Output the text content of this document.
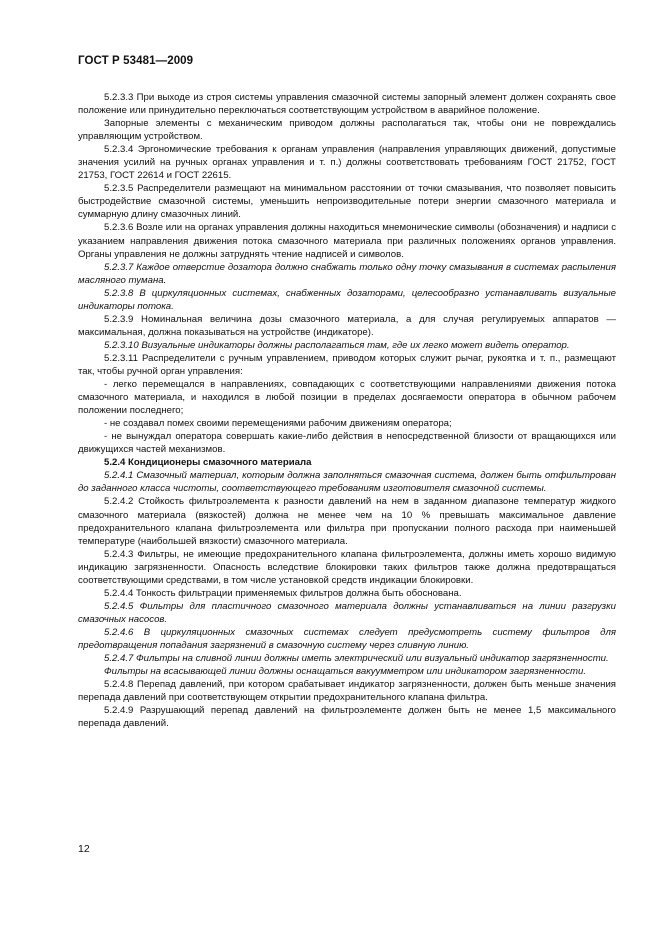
ГОСТ Р 53481—2009

5.2.3.3 При выходе из строя системы управления смазочной системы запорный элемент должен сохранять свое положение или принудительно переключаться соответствующим устройством в аварийное положение.

Запорные элементы с механическим приводом должны располагаться так, чтобы они не повреждались управляющим устройством.

5.2.3.4 Эргономические требования к органам управления (направления управляющих движений, допустимые значения усилий на ручных органах управления и т. п.) должны соответствовать требованиям ГОСТ 21752, ГОСТ 21753, ГОСТ 22614 и ГОСТ 22615.

5.2.3.5 Распределители размещают на минимальном расстоянии от точки смазывания, что позволяет повысить быстродействие смазочной системы, уменьшить непроизводительные потери энергии смазочного материала и суммарную длину смазочных линий.

5.2.3.6 Возле или на органах управления должны находиться мнемонические символы (обозначения) и надписи с указанием направления движения потока смазочного материала при различных положениях органов управления. Органы управления не должны затруднять чтение надписей и символов.

5.2.3.7 Каждое отверстие дозатора должно снабжать только одну точку смазывания в системах распыления масляного тумана.

5.2.3.8 В циркуляционных системах, снабженных дозаторами, целесообразно устанавливать визуальные индикаторы потока.

5.2.3.9 Номинальная величина дозы смазочного материала, а для случая регулируемых аппаратов — максимальная, должна показываться на устройстве (индикаторе).

5.2.3.10 Визуальные индикаторы должны располагаться там, где их легко может видеть оператор.

5.2.3.11 Распределители с ручным управлением, приводом которых служит рычаг, рукоятка и т. п., размещают так, чтобы ручной орган управления:

- легко перемещался в направлениях, совпадающих с соответствующими направлениями движения потока смазочного материала, и находился в любой позиции в пределах досягаемости оператора в обычном рабочем положении последнего;

- не создавал помех своими перемещениями рабочим движениям оператора;

- не вынуждал оператора совершать какие-либо действия в непосредственной близости от вращающихся или движущихся частей механизмов.

5.2.4 Кондиционеры смазочного материала

5.2.4.1 Смазочный материал, которым должна заполняться смазочная система, должен быть отфильтрован до заданного класса чистоты, соответствующего требованиям изготовителя смазочной системы.

5.2.4.2 Стойкость фильтроэлемента к разности давлений на нем в заданном диапазоне температур жидкого смазочного материала (вязкостей) должна не менее чем на 10 % превышать максимальное давление предохранительного клапана фильтроэлемента или фильтра при пропускании полного расхода при наименьшей температуре (наибольшей вязкости) смазочного материала.

5.2.4.3 Фильтры, не имеющие предохранительного клапана фильтроэлемента, должны иметь хорошо видимую индикацию загрязненности. Опасность вследствие блокировки таких фильтров также должна предотвращаться соответствующими средствами, в том числе установкой средств индикации блокировки.

5.2.4.4 Тонкость фильтрации применяемых фильтров должна быть обоснована.

5.2.4.5 Фильтры для пластичного смазочного материала должны устанавливаться на линии разгрузки смазочных насосов.

5.2.4.6 В циркуляционных смазочных системах следует предусмотреть систему фильтров для предотвращения попадания загрязнений в смазочную систему через сливную линию.

5.2.4.7 Фильтры на сливной линии должны иметь электрический или визуальный индикатор загрязненности.

Фильтры на всасывающей линии должны оснащаться вакуумметром или индикатором загрязненности.

5.2.4.8 Перепад давлений, при котором срабатывает индикатор загрязненности, должен быть меньше значения перепада давлений при соответствующем открытии предохранительного клапана фильтра.

5.2.4.9 Разрушающий перепад давлений на фильтроэлементе должен быть не менее 1,5 максимального перепада давлений.

12
